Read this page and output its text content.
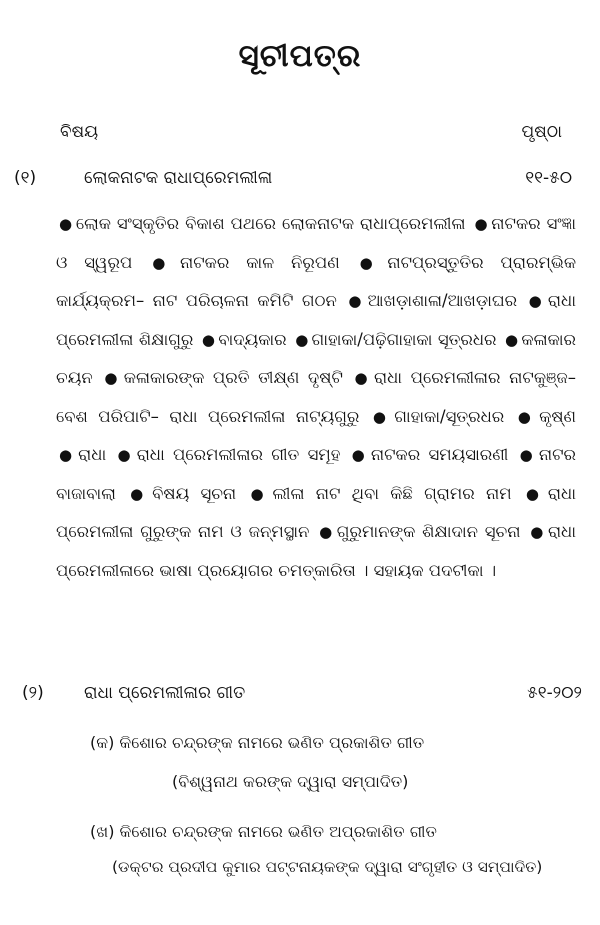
ସୂଚୀପତ୍ର
ବିଷୟ	ପୃଷ୍ଠା
(୧)	ଲୋକନାଟକ ରାଧାପ୍ରେମଲୀଳା	୧୧-୫୦

● ଲୋକ ସଂସ୍କୃତିର ବିକାଶ ପଥରେ ଲୋକନାଟକ ରାଧାପ୍ରେମଲୀଳା ● ନାଟକର ସଂଜ୍ଞା ଓ ସ୍ୱରୂପ ● ନାଟକର କାଳ ନିରୂପଣ ● ନାଟପ୍ରସ୍ତୁତିର ପ୍ରାରମ୍ଭିକ କାର୍ଯ୍ୟକ୍ରମ– ନାଟ ପରିଚାଳନା କମିଟି ଗଠନ ● ଆଖଡ଼ାଶାଳା/ଆଖଡ଼ାଘର ● ରାଧା ପ୍ରେମଲୀଳା ଶିକ୍ଷାଗୁରୁ ● ବାଦ୍ୟକାର ● ଗାହାକା/ପଢ଼ିଗାହାକା ସୂତ୍ରଧର ● କଳାକାର ଚୟନ ● କଳାକାରଙ୍କ ପ୍ରତି ତୀକ୍ଷ୍ଣ ଦୃଷ୍ଟି ● ରାଧା ପ୍ରେମଲୀଳାର ନାଟକୁଞ୍ଜ–ବେଶ ପରିପାଟି– ରାଧା ପ୍ରେମଲୀଳା ନାଟ୍ୟଗୁରୁ ● ଗାହାକା/ସୂତ୍ରଧର ● କୃଷ୍ଣ ● ରାଧା ● ରାଧା ପ୍ରେମଲୀଳାର ଗୀତ ସମୂହ ● ନାଟକର ସମୟସାରଣୀ ● ନାଟର ବାଜାବାଲା ● ବିଷୟ ସୂଚନା ● ଲୀଳା ନାଟ ଥିବା କିଛି ଗ୍ରାମର ନାମ ● ରାଧା ପ୍ରେମଲୀଳା ଗୁରୁଙ୍କ ନାମ ଓ ଜନ୍ମସ୍ଥାନ ● ଗୁରୁମାନଙ୍କ ଶିକ୍ଷାଦାନ ସୂଚନା ● ରାଧା ପ୍ରେମଲୀଳାରେ ଭାଷା ପ୍ରୟୋଗର ଚମତ୍କାରିତା । ସହାୟକ ପଦଟୀକା ।

(୨) ରାଧା ପ୍ରେମଲୀଳାର ଗୀତ	୫୧-୨୦୨
(କ) କିଶୋର ଚନ୍ଦ୍ରଙ୍କ ନାମରେ ଭଣିତ ପ୍ରକାଶିତ ଗୀତ
(ବିଶ୍ୱନାଥ କରଙ୍କ ଦ୍ୱାରା ସମ୍ପାଦିତ)
(ଖ) କିଶୋର ଚନ୍ଦ୍ରଙ୍କ ନାମରେ ଭଣିତ ଅପ୍ରକାଶିତ ଗୀତ
(ଡକ୍ଟର ପ୍ରଦୀପ କୁମାର ପଟ୍ଟନାୟକଙ୍କ ଦ୍ୱାରା ସଂଗୃହୀତ ଓ ସମ୍ପାଦିତ)
